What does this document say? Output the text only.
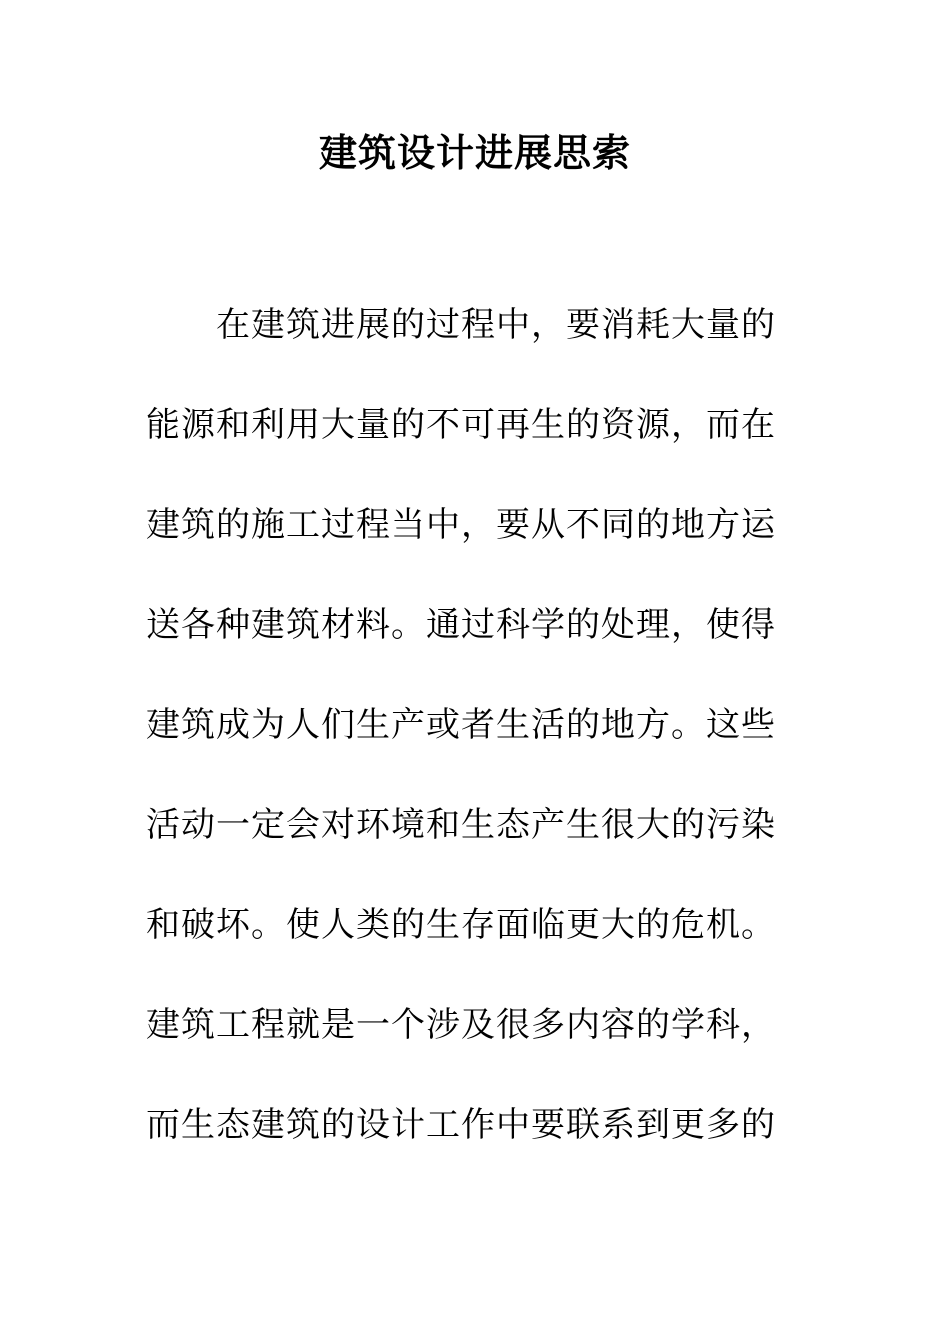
建筑设计进展思索
在建筑进展的过程中，要消耗大量的
能源和利用大量的不可再生的资源，而在
建筑的施工过程当中，要从不同的地方运
送各种建筑材料。通过科学的处理，使得
建筑成为人们生产或者生活的地方。这些
活动一定会对环境和生态产生很大的污染
和破坏。使人类的生存面临更大的危机。
建筑工程就是一个涉及很多内容的学科，
而生态建筑的设计工作中要联系到更多的
